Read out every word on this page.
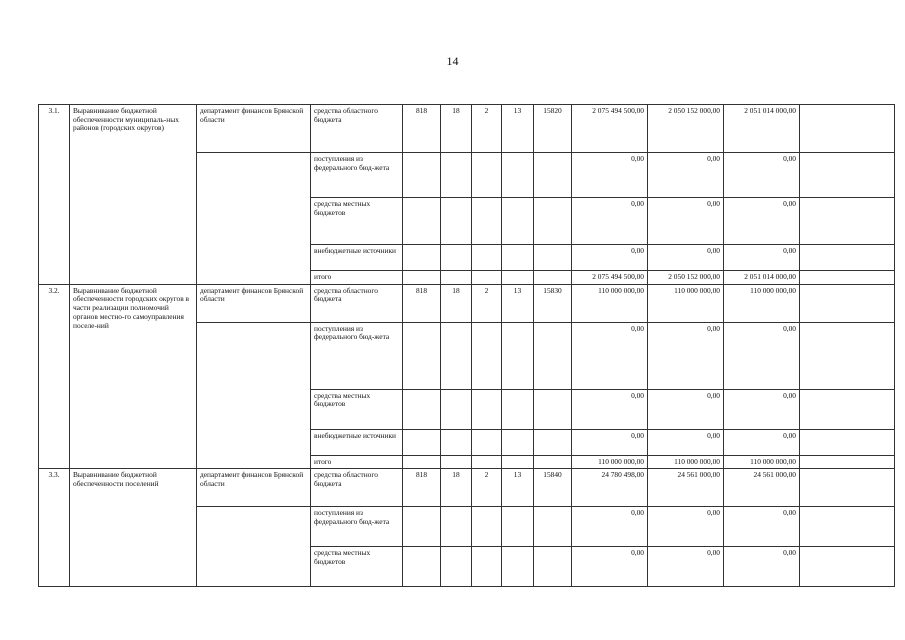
14
3.1.	Выравнивание бюджетной обеспеченности муниципаль-ных районов (городских округов)	департамент финансов Брянской области	средства областного бюджета	818	18	2	13	15820	2 075 494 500,00	2 050 152 000,00	2 051 014 000,00	
			поступления из федерального бюд-жета						0,00	0,00	0,00	
			средства местных бюджетов						0,00	0,00	0,00	
			внебюджетные источники						0,00	0,00	0,00	
			итого						2 075 494 500,00	2 050 152 000,00	2 051 014 000,00	
3.2.	Выравнивание бюджетной обеспеченности городских округов в части реализации полномочий органов местно-го самоуправления поселе-ний	департамент финансов Брянской области	средства областного бюджета	818	18	2	13	15830	110 000 000,00	110 000 000,00	110 000 000,00	
			поступления из федерального бюд-жета						0,00	0,00	0,00	
			средства местных бюджетов						0,00	0,00	0,00	
			внебюджетные источники						0,00	0,00	0,00	
			итого						110 000 000,00	110 000 000,00	110 000 000,00	
3.3.	Выравнивание бюджетной обеспеченности поселений	департамент финансов Брянской области	средства областного бюджета	818	18	2	13	15840	24 780 498,00	24 561 000,00	24 561 000,00	
			поступления из федерального бюд-жета						0,00	0,00	0,00	
			средства местных бюджетов						0,00	0,00	0,00	
